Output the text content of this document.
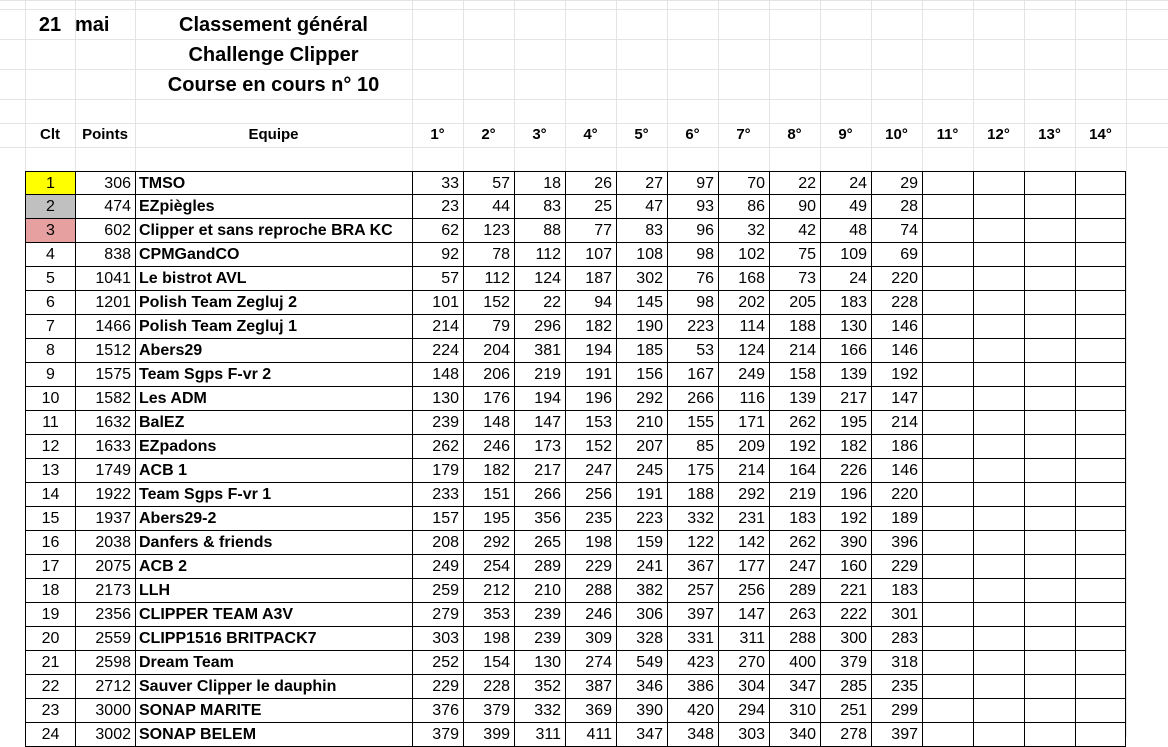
21 mai	Classement général
Challenge Clipper
Course en cours n° 10
Clt	Points	Equipe	1°	2°	3°	4°	5°	6°	7°	8°	9°	10°	11°	12°	13°	14°
1	306 TMSO	33	57	18	26	27	97	70	22	24	29
2	474 EZpiègles	23	44	83	25	47	93	86	90	49	28
3	602 Clipper et sans reproche BRA KC	62	123	88	77	83	96	32	42	48	74
4	838 CPMGandCO	92	78	112	107	108	98	102	75	109	69
5	1041 Le bistrot AVL	57	112	124	187	302	76	168	73	24	220
6	1201 Polish Team Zegluj 2	101	152	22	94	145	98	202	205	183	228
7	1466 Polish Team Zegluj 1	214	79	296	182	190	223	114	188	130	146
8	1512 Abers29	224	204	381	194	185	53	124	214	166	146
9	1575 Team Sgps F-vr 2	148	206	219	191	156	167	249	158	139	192
10	1582 Les ADM	130	176	194	196	292	266	116	139	217	147
11	1632 BalEZ	239	148	147	153	210	155	171	262	195	214
12	1633 EZpadons	262	246	173	152	207	85	209	192	182	186
13	1749 ACB 1	179	182	217	247	245	175	214	164	226	146
14	1922 Team Sgps F-vr 1	233	151	266	256	191	188	292	219	196	220
15	1937 Abers29-2	157	195	356	235	223	332	231	183	192	189
16	2038 Danfers & friends	208	292	265	198	159	122	142	262	390	396
17	2075 ACB 2	249	254	289	229	241	367	177	247	160	229
18	2173 LLH	259	212	210	288	382	257	256	289	221	183
19	2356 CLIPPER TEAM A3V	279	353	239	246	306	397	147	263	222	301
20	2559 CLIPP1516 BRITPACK7	303	198	239	309	328	331	311	288	300	283
21	2598 Dream Team	252	154	130	274	549	423	270	400	379	318
22	2712 Sauver Clipper le dauphin	229	228	352	387	346	386	304	347	285	235
23	3000 SONAP MARITE	376	379	332	369	390	420	294	310	251	299
24	3002 SONAP BELEM	379	399	311	411	347	348	303	340	278	397
